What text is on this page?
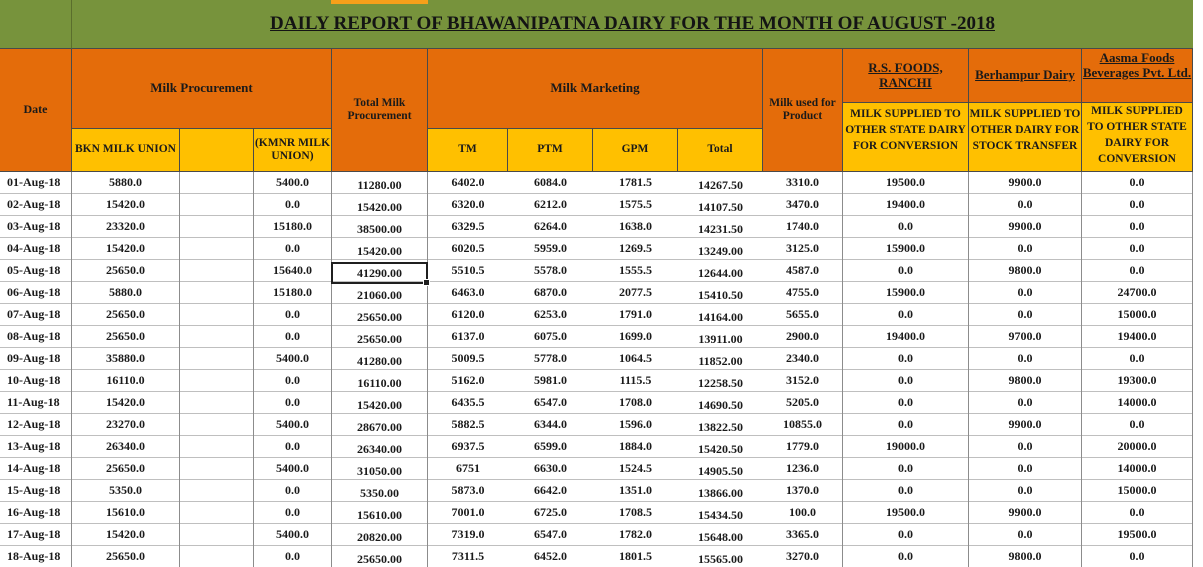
DAILY REPORT OF BHAWANIPATNA DAIRY FOR THE MONTH OF AUGUST -2018
Date
Milk Procurement
BKN MILK UNION
(KMNR MILK UNION)
Total Milk Procurement
Milk Marketing
TM	PTM	GPM	Total
Milk used for Product
R.S. FOODS, RANCHI
MILK SUPPLIED TO OTHER STATE DAIRY FOR CONVERSION
Berhampur Dairy
MILK SUPPLIED TO OTHER DAIRY FOR STOCK TRANSFER
Aasma Foods Beverages Pvt. Ltd.
MILK SUPPLIED TO OTHER STATE DAIRY FOR CONVERSION
01-Aug-18	5880.0	5400.0	11280.00	6402.0	6084.0	1781.5	14267.50	3310.0	19500.0	9900.0	0.0
02-Aug-18	15420.0	0.0	15420.00	6320.0	6212.0	1575.5	14107.50	3470.0	19400.0	0.0	0.0
03-Aug-18	23320.0	15180.0	38500.00	6329.5	6264.0	1638.0	14231.50	1740.0	0.0	9900.0	0.0
04-Aug-18	15420.0	0.0	15420.00	6020.5	5959.0	1269.5	13249.00	3125.0	15900.0	0.0	0.0
05-Aug-18	25650.0	15640.0	41290.00	5510.5	5578.0	1555.5	12644.00	4587.0	0.0	9800.0	0.0
06-Aug-18	5880.0	15180.0	21060.00	6463.0	6870.0	2077.5	15410.50	4755.0	15900.0	0.0	24700.0
07-Aug-18	25650.0	0.0	25650.00	6120.0	6253.0	1791.0	14164.00	5655.0	0.0	0.0	15000.0
08-Aug-18	25650.0	0.0	25650.00	6137.0	6075.0	1699.0	13911.00	2900.0	19400.0	9700.0	19400.0
09-Aug-18	35880.0	5400.0	41280.00	5009.5	5778.0	1064.5	11852.00	2340.0	0.0	0.0	0.0
10-Aug-18	16110.0	0.0	16110.00	5162.0	5981.0	1115.5	12258.50	3152.0	0.0	9800.0	19300.0
11-Aug-18	15420.0	0.0	15420.00	6435.5	6547.0	1708.0	14690.50	5205.0	0.0	0.0	14000.0
12-Aug-18	23270.0	5400.0	28670.00	5882.5	6344.0	1596.0	13822.50	10855.0	0.0	9900.0	0.0
13-Aug-18	26340.0	0.0	26340.00	6937.5	6599.0	1884.0	15420.50	1779.0	19000.0	0.0	20000.0
14-Aug-18	25650.0	5400.0	31050.00	6751	6630.0	1524.5	14905.50	1236.0	0.0	0.0	14000.0
15-Aug-18	5350.0	0.0	5350.00	5873.0	6642.0	1351.0	13866.00	1370.0	0.0	0.0	15000.0
16-Aug-18	15610.0	0.0	15610.00	7001.0	6725.0	1708.5	15434.50	100.0	19500.0	9900.0	0.0
17-Aug-18	15420.0	5400.0	20820.00	7319.0	6547.0	1782.0	15648.00	3365.0	0.0	0.0	19500.0
18-Aug-18	25650.0	0.0	25650.00	7311.5	6452.0	1801.5	15565.00	3270.0	0.0	9800.0	0.0
